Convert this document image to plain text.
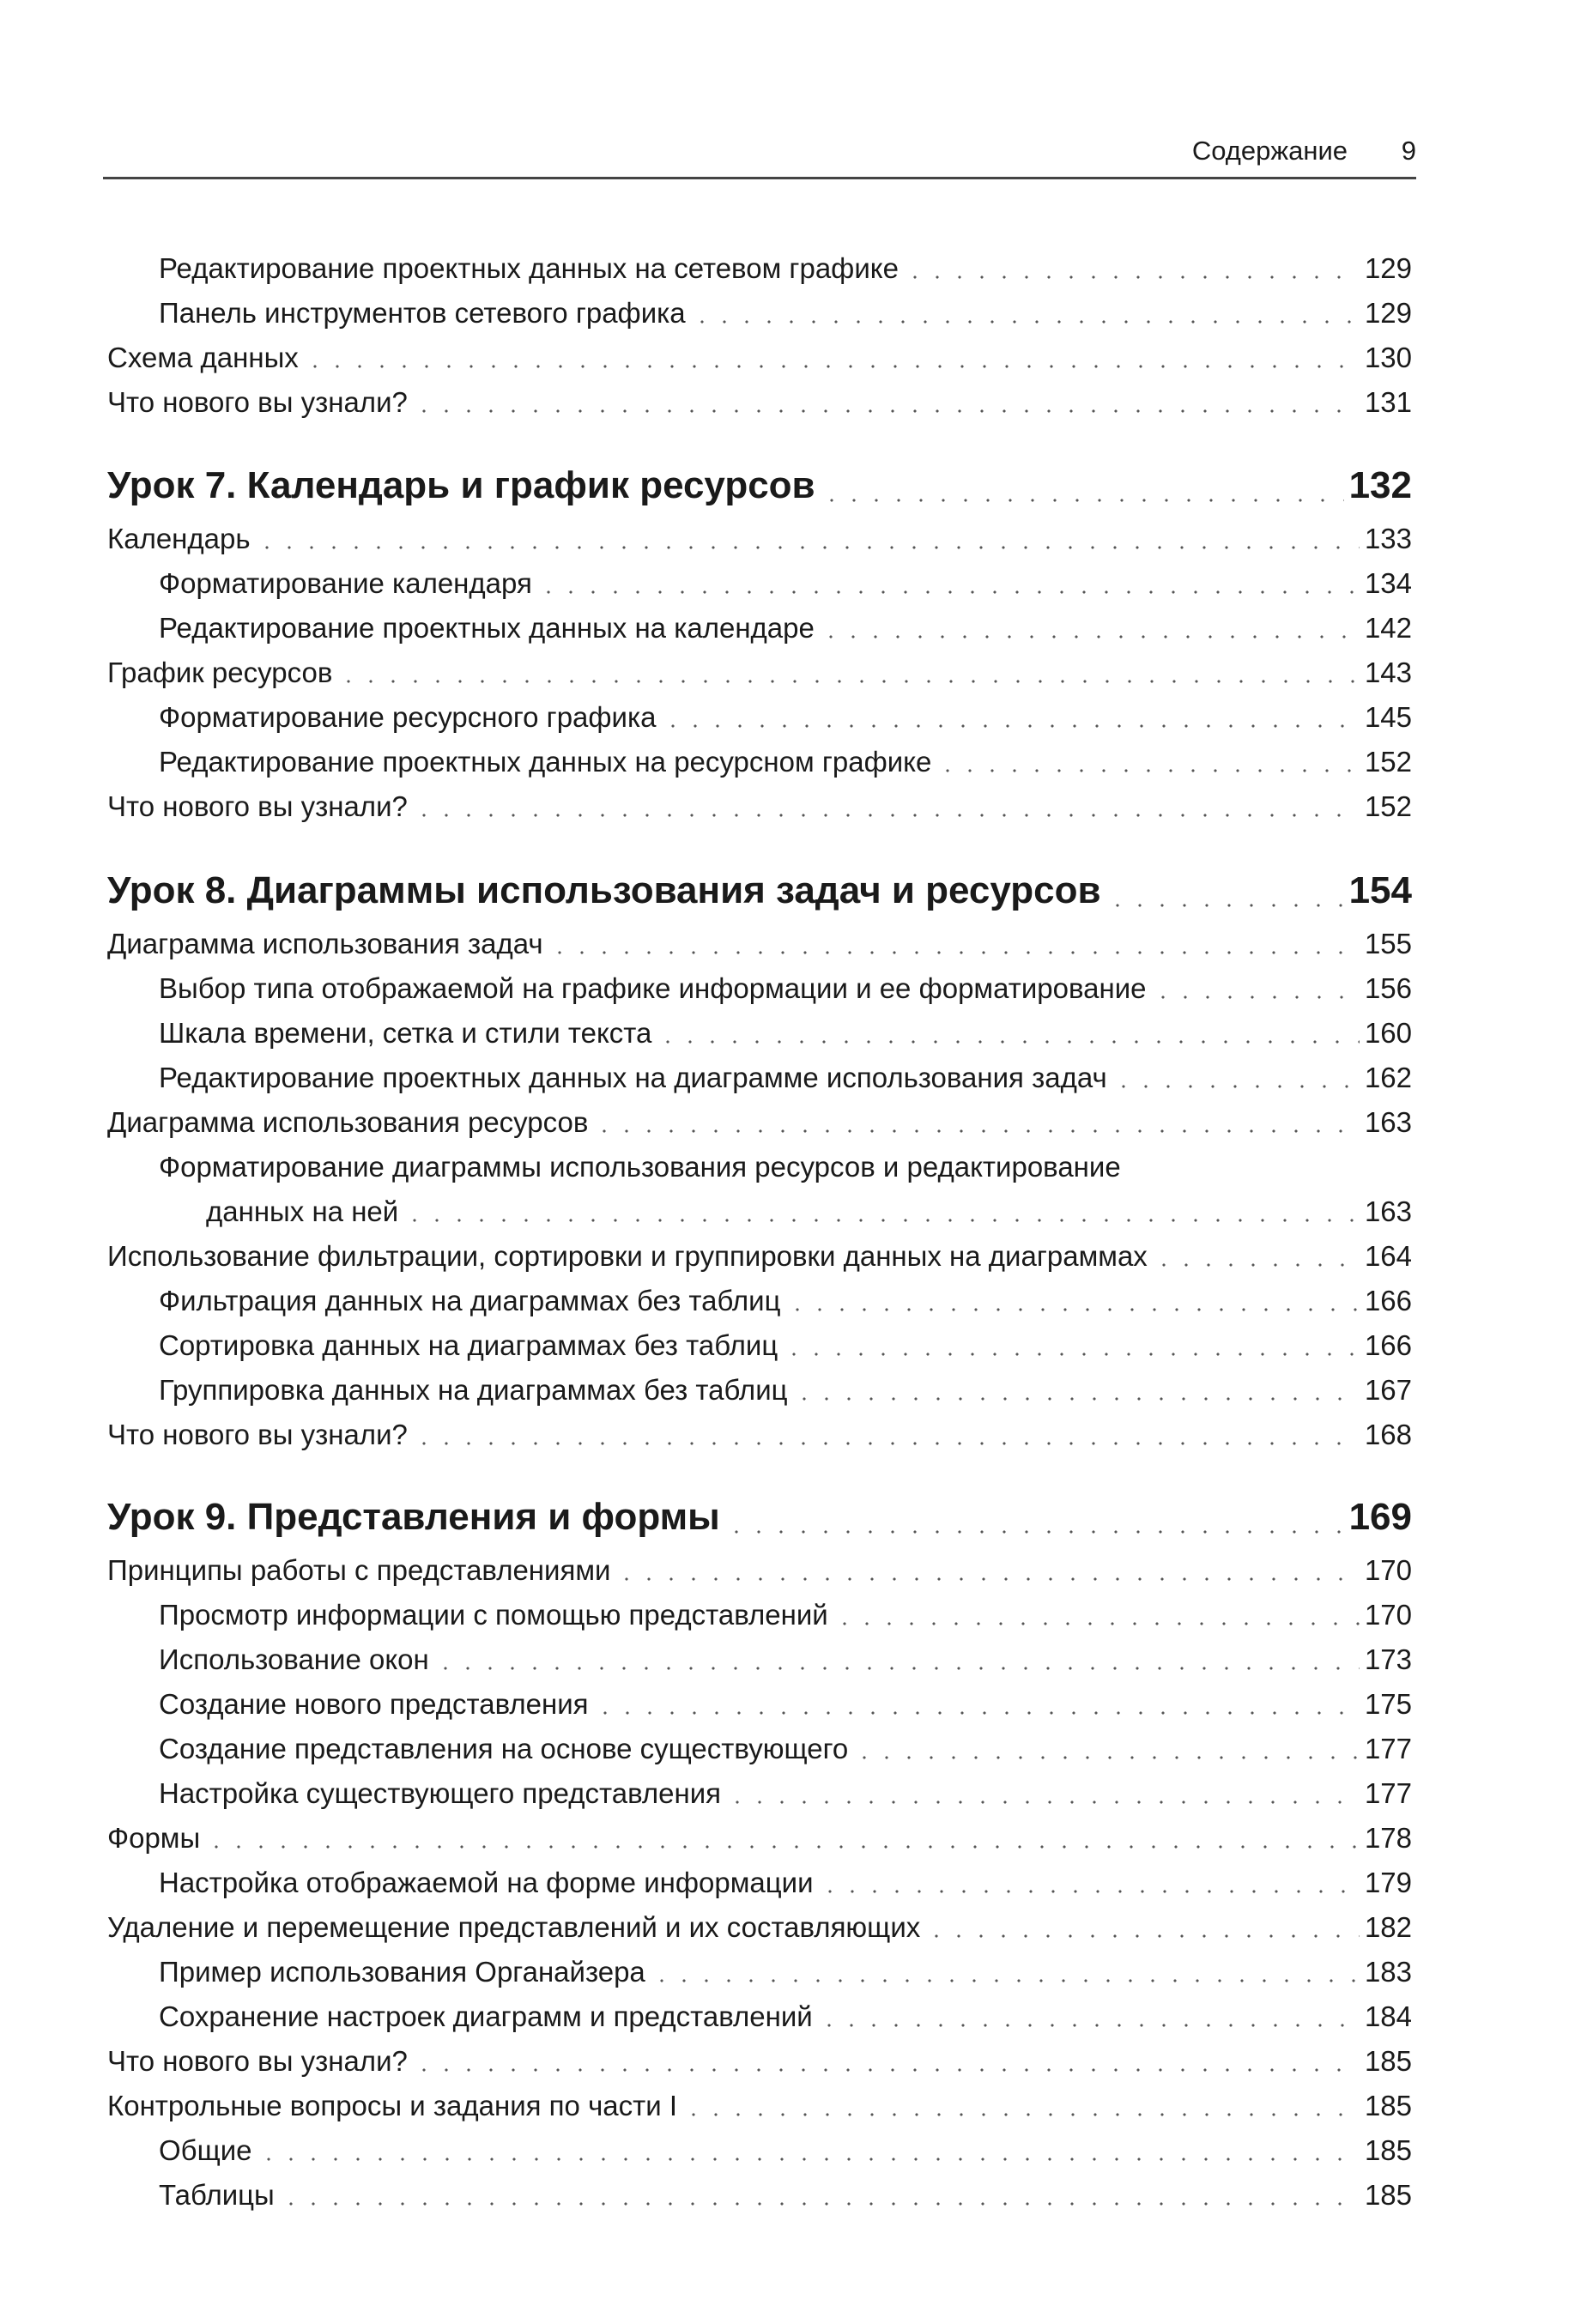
Содержание 9
Редактирование проектных данных на сетевом графике	129
Панель инструментов сетевого графика	129
Схема данных	130
Что нового вы узнали?	131
Урок 7. Календарь и график ресурсов	132
Календарь	133
Форматирование календаря	134
Редактирование проектных данных на календаре	142
График ресурсов	143
Форматирование ресурсного графика	145
Редактирование проектных данных на ресурсном графике	152
Что нового вы узнали?	152
Урок 8. Диаграммы использования задач и ресурсов	154
Диаграмма использования задач	155
Выбор типа отображаемой на графике информации и ее форматирование	156
Шкала времени, сетка и стили текста	160
Редактирование проектных данных на диаграмме использования задач	162
Диаграмма использования ресурсов	163
Форматирование диаграммы использования ресурсов и редактирование
данных на ней	163
Использование фильтрации, сортировки и группировки данных на диаграммах	164
Фильтрация данных на диаграммах без таблиц	166
Сортировка данных на диаграммах без таблиц	166
Группировка данных на диаграммах без таблиц	167
Что нового вы узнали?	168
Урок 9. Представления и формы	169
Принципы работы с представлениями	170
Просмотр информации с помощью представлений	170
Использование окон	173
Создание нового представления	175
Создание представления на основе существующего	177
Настройка существующего представления	177
Формы	178
Настройка отображаемой на форме информации	179
Удаление и перемещение представлений и их составляющих	182
Пример использования Органайзера	183
Сохранение настроек диаграмм и представлений	184
Что нового вы узнали?	185
Контрольные вопросы и задания по части I	185
Общие	185
Таблицы	185
